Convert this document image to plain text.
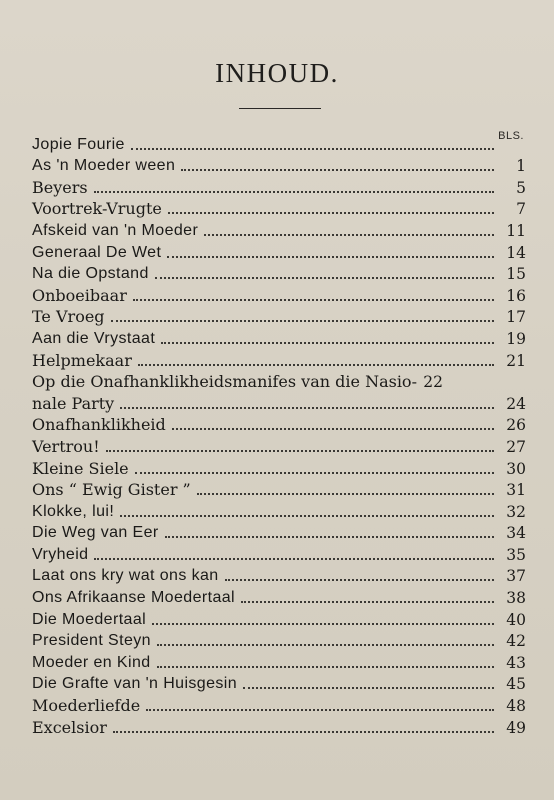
INHOUD.
BLS.
Jopie Fourie
As 'n Moeder ween	1
Beyers	5
Voortrek-Vrugte	7
Afskeid van 'n Moeder	11
Generaal De Wet	14
Na die Opstand	15
Onboeibaar	16
Te Vroeg	17
Aan die Vrystaat	19
Helpmekaar	21
Op die Onafhanklikheidsmanifes van die Nasio- 22
nale Party	24
Onafhanklikheid	26
Vertrou!	27
Kleine Siele	30
Ons “ Ewig Gister ”	31
Klokke, lui!	32
Die Weg van Eer	34
Vryheid	35
Laat ons kry wat ons kan	37
Ons Afrikaanse Moedertaal	38
Die Moedertaal	40
President Steyn	42
Moeder en Kind	43
Die Grafte van 'n Huisgesin	45
Moederliefde	48
Excelsior	49
